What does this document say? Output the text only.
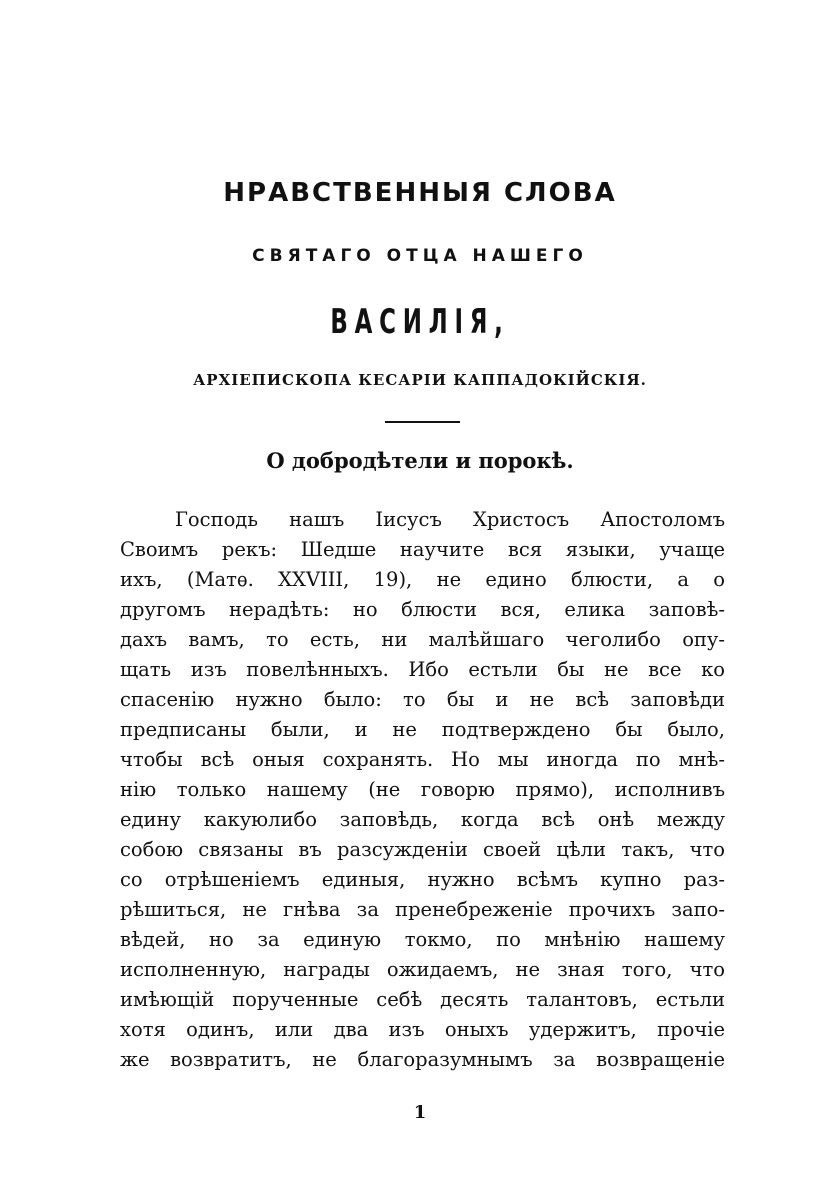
НРАВСТВЕННЫЯ СЛОВА
СВЯТАГО ОТЦА НАШЕГО
ВАСИЛІЯ,
АРХІЕПИСКОПА КЕСАРІИ КАППАДОКІЙСКІЯ.
О добродѣтели и порокѣ.
Господь нашъ Іисусъ Христосъ Апостоломъ
Своимъ рекъ: Шедше научите вся языки, учаще
ихъ, (Матѳ. XXVIII, 19), не едино блюсти, а о
другомъ нерадѣть: но блюсти вся, елика заповѣ-
дахъ вамъ, то есть, ни малѣйшаго чеголибо опу-
щать изъ повелѣнныхъ. Ибо естьли бы не все ко
спасенію нужно было: то бы и не всѣ заповѣди
предписаны были, и не подтверждено бы было,
чтобы всѣ оныя сохранять. Но мы иногда по мнѣ-
нію только нашему (не говорю прямо), исполнивъ
едину какуюлибо заповѣдь, когда всѣ онѣ между
собою связаны въ разсужденіи своей цѣли такъ, что
со отрѣшеніемъ единыя, нужно всѣмъ купно раз-
рѣшиться, не гнѣва за пренебреженіе прочихъ запо-
вѣдей, но за единую токмо, по мнѣнію нашему
исполненную, награды ожидаемъ, не зная того, что
имѣющій порученные себѣ десять талантовъ, естьли
хотя одинъ, или два изъ оныхъ удержитъ, прочіе
же возвратитъ, не благоразумнымъ за возвращеніе
1
